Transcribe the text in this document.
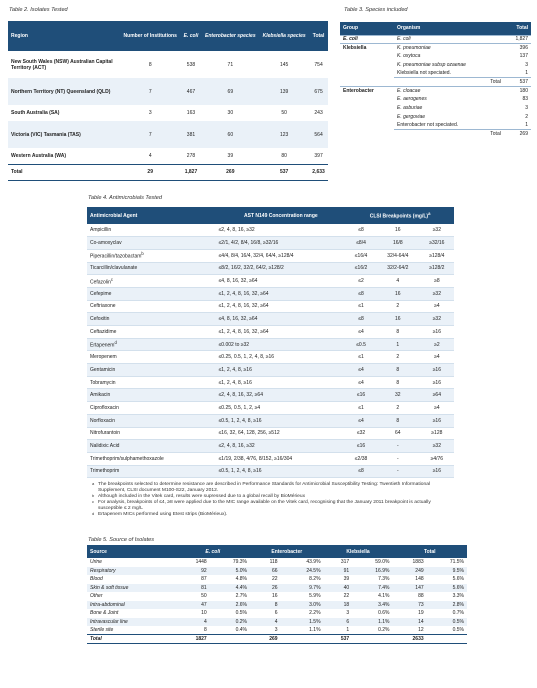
Table 2. Isolates Tested
Region	Number of Institutions	E. coli	Enterobacter species	Klebsiella species	Total
New South Wales (NSW) Australian Capital Territory (ACT)	8	538	71	145	754
Northern Territory (NT) Queensland (QLD)	7	467	69	139	675
South Australia (SA)	3	163	30	50	243
Victoria (VIC) Tasmania (TAS)	7	381	60	123	564
Western Australia (WA)	4	278	39	80	397
Total	29	1,827	269	537	2,633
Table 3. Species included
Group	Organism	Total
E. coli	E. coli	1,827
Klebsiella	K. pneumoniae	396
	K. oxytoca	137
	K. pneumoniae subsp ozaenae	3
	Klebsiella not speciated.	1
	Total	537
Enterobacter	E. cloacae	180
	E. aerogenes	83
	E. asburiae	3
	E. gergoviae	2
	Enterobacter not speciated.	1
	Total	269
Table 4. Antimicrobials Tested
Antimicrobial Agent	AST N149 Concentration range	CLSI Breakpoints $(mg/L)^a$
Ampicillin	≤2, 4, 8, 16, ≥32	≤8	16	≥32
Co-amoxyclav	≤2/1, 4/2, 8/4, 16/8, ≥32/16	≤8/4	16/8	≥32/16
Piperacillin/tazobactam$^b$	≤4/4, 8/4, 16/4, 32/4, 64/4, ≥128/4	≤16/4	32/4-64/4	≥128/4
Ticarcillin/clavulanate	≤8/2, 16/2, 32/2, 64/2, ≥128/2	≤16/2	32/2-64/2	≥128/2
Cefazolin$^c$	≤4, 8, 16, 32, ≥64	≤2	4	≥8
Cefepime	≤1, 2, 4, 8, 16, 32, ≥64	≤8	16	≥32
Ceftriaxone	≤1, 2, 4, 8, 16, 32, ≥64	≤1	2	≥4
Cefoxitin	≤4, 8, 16, 32, ≥64	≤8	16	≥32
Ceftazidime	≤1, 2, 4, 8, 16, 32, ≥64	≤4	8	≥16
Ertapenem$^d$	≤0.002 to ≥32	≤0.5	1	≥2
Meropenem	≤0.25, 0.5, 1, 2, 4, 8, ≥16	≤1	2	≥4
Gentamicin	≤1, 2, 4, 8, ≥16	≤4	8	≥16
Tobramycin	≤1, 2, 4, 8, ≥16	≤4	8	≥16
Amikacin	≤2, 4, 8, 16, 32, ≥64	≤16	32	≥64
Ciprofloxacin	≤0.25, 0.5, 1, 2, ≥4	≤1	2	≥4
Norfloxacin	≤0.5, 1, 2, 4, 8, ≥16	≤4	8	≥16
Nitrofurantoin	≤16, 32, 64, 128, 256, ≥512	≤32	64	≥128
Nalidixic Acid	≤2, 4, 8, 16, ≥32	≤16	-	≥32
Trimethoprim/sulphamethoxazole	≤1/19, 2/38, 4/76, 8/152, ≥16/304	≤2/38	-	≥4/76
Trimethoprim	≤0.5, 1, 2, 4, 8, ≥16	≤8	-	≥16
a The breakpoints selected to determine resistance are described in Performance Standards for Antimicrobial Susceptibility Testing: Twentieth Informational Supplement, CLSI document M100-S22, January 2012.
b Although included in the Vitek card, results were supressed due to a global recall by BioMérieux
c For analysis, breakpoints of ≤4, ≥8 were applied due to the MIC range available on the Vitek card, recognising that the January 2011 breakpoint is actually susceptible ≤ 2 mg/L
d Ertapenem MICs performed using Etest strips (BioMérieux).
Table 5. Source of Isolates
Source	E. coli		Enterobacter		Klebsiella		Total	
Urine	1448	79.3%	118	43.9%	317	59.0%	1883	71.5%
Respiratory	92	5.0%	66	24.5%	91	16.9%	249	9.5%
Blood	87	4.8%	22	8.2%	39	7.3%	148	5.6%
Skin & soft tissue	81	4.4%	26	9.7%	40	7.4%	147	5.6%
Other	50	2.7%	16	5.9%	22	4.1%	88	3.3%
Intra-abdominal	47	2.6%	8	3.0%	18	3.4%	73	2.8%
Bone & Joint	10	0.5%	6	2.2%	3	0.6%	19	0.7%
Intravascular line	4	0.2%	4	1.5%	6	1.1%	14	0.5%
Sterile site	8	0.4%	3	1.1%	1	0.2%	12	0.5%
Total	1827		269		537		2633	
